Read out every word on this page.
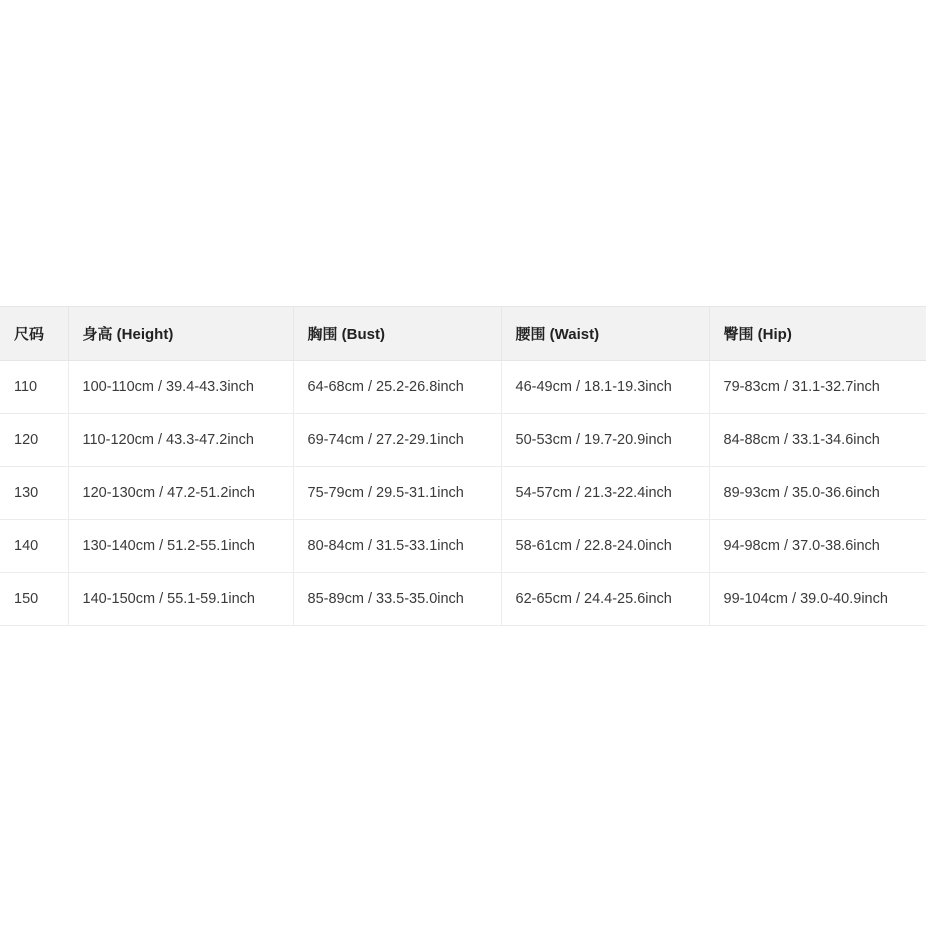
尺码	身高 (Height)	胸围 (Bust)	腰围 (Waist)	臀围 (Hip)
110	100-110cm / 39.4-43.3inch	64-68cm / 25.2-26.8inch	46-49cm / 18.1-19.3inch	79-83cm / 31.1-32.7inch
120	110-120cm / 43.3-47.2inch	69-74cm / 27.2-29.1inch	50-53cm / 19.7-20.9inch	84-88cm / 33.1-34.6inch
130	120-130cm / 47.2-51.2inch	75-79cm / 29.5-31.1inch	54-57cm / 21.3-22.4inch	89-93cm / 35.0-36.6inch
140	130-140cm / 51.2-55.1inch	80-84cm / 31.5-33.1inch	58-61cm / 22.8-24.0inch	94-98cm / 37.0-38.6inch
150	140-150cm / 55.1-59.1inch	85-89cm / 33.5-35.0inch	62-65cm / 24.4-25.6inch	99-104cm / 39.0-40.9inch
